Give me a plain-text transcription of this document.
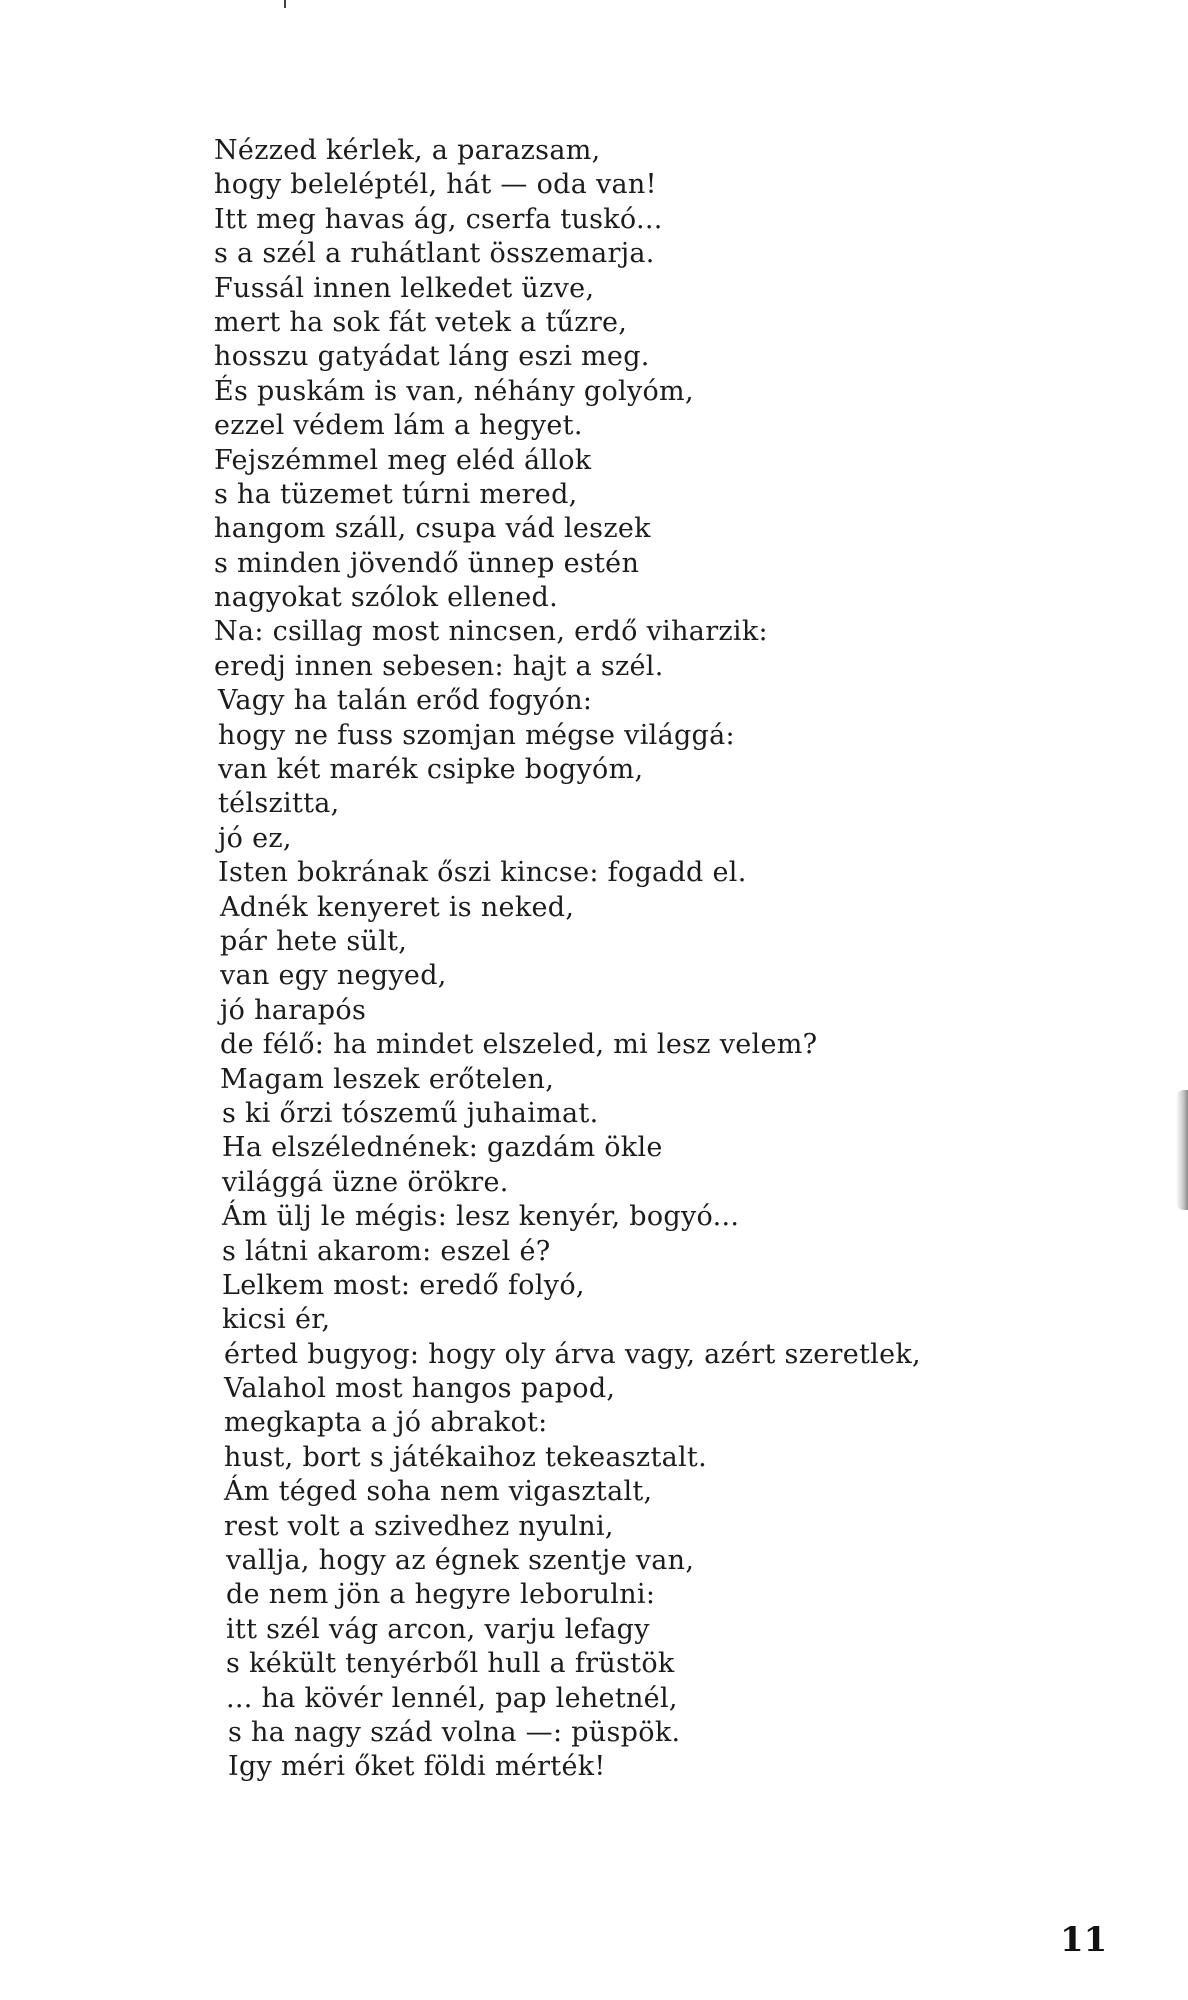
Nézzed kérlek, a parazsam,
hogy beleléptél, hát — oda van!
Itt meg havas ág, cserfa tuskó...
s a szél a ruhátlant összemarja.
Fussál innen lelkedet üzve,
mert ha sok fát vetek a tűzre,
hosszu gatyádat láng eszi meg.
És puskám is van, néhány golyóm,
ezzel védem lám a hegyet.
Fejszémmel meg eléd állok
s ha tüzemet túrni mered,
hangom száll, csupa vád leszek
s minden jövendő ünnep estén
nagyokat szólok ellened.
Na: csillag most nincsen, erdő viharzik:
eredj innen sebesen: hajt a szél.
Vagy ha talán erőd fogyón:
hogy ne fuss szomjan mégse világgá:
van két marék csipke bogyóm,
télszitta,
jó ez,
Isten bokrának őszi kincse: fogadd el.
Adnék kenyeret is neked,
pár hete sült,
van egy negyed,
jó harapós
de félő: ha mindet elszeled, mi lesz velem?
Magam leszek erőtelen,
s ki őrzi tószemű juhaimat.
Ha elszélednének: gazdám ökle
világgá üzne örökre.
Ám ülj le mégis: lesz kenyér, bogyó...
s látni akarom: eszel é?
Lelkem most: eredő folyó,
kicsi ér,
érted bugyog: hogy oly árva vagy, azért szeretlek,
Valahol most hangos papod,
megkapta a jó abrakot:
hust, bort s játékaihoz tekeasztalt.
Ám téged soha nem vigasztalt,
rest volt a szivedhez nyulni,
vallja, hogy az égnek szentje van,
de nem jön a hegyre leborulni:
itt szél vág arcon, varju lefagy
s kékült tenyérből hull a früstök
... ha kövér lennél, pap lehetnél,
s ha nagy szád volna —: püspök.
Igy méri őket földi mérték!
11
